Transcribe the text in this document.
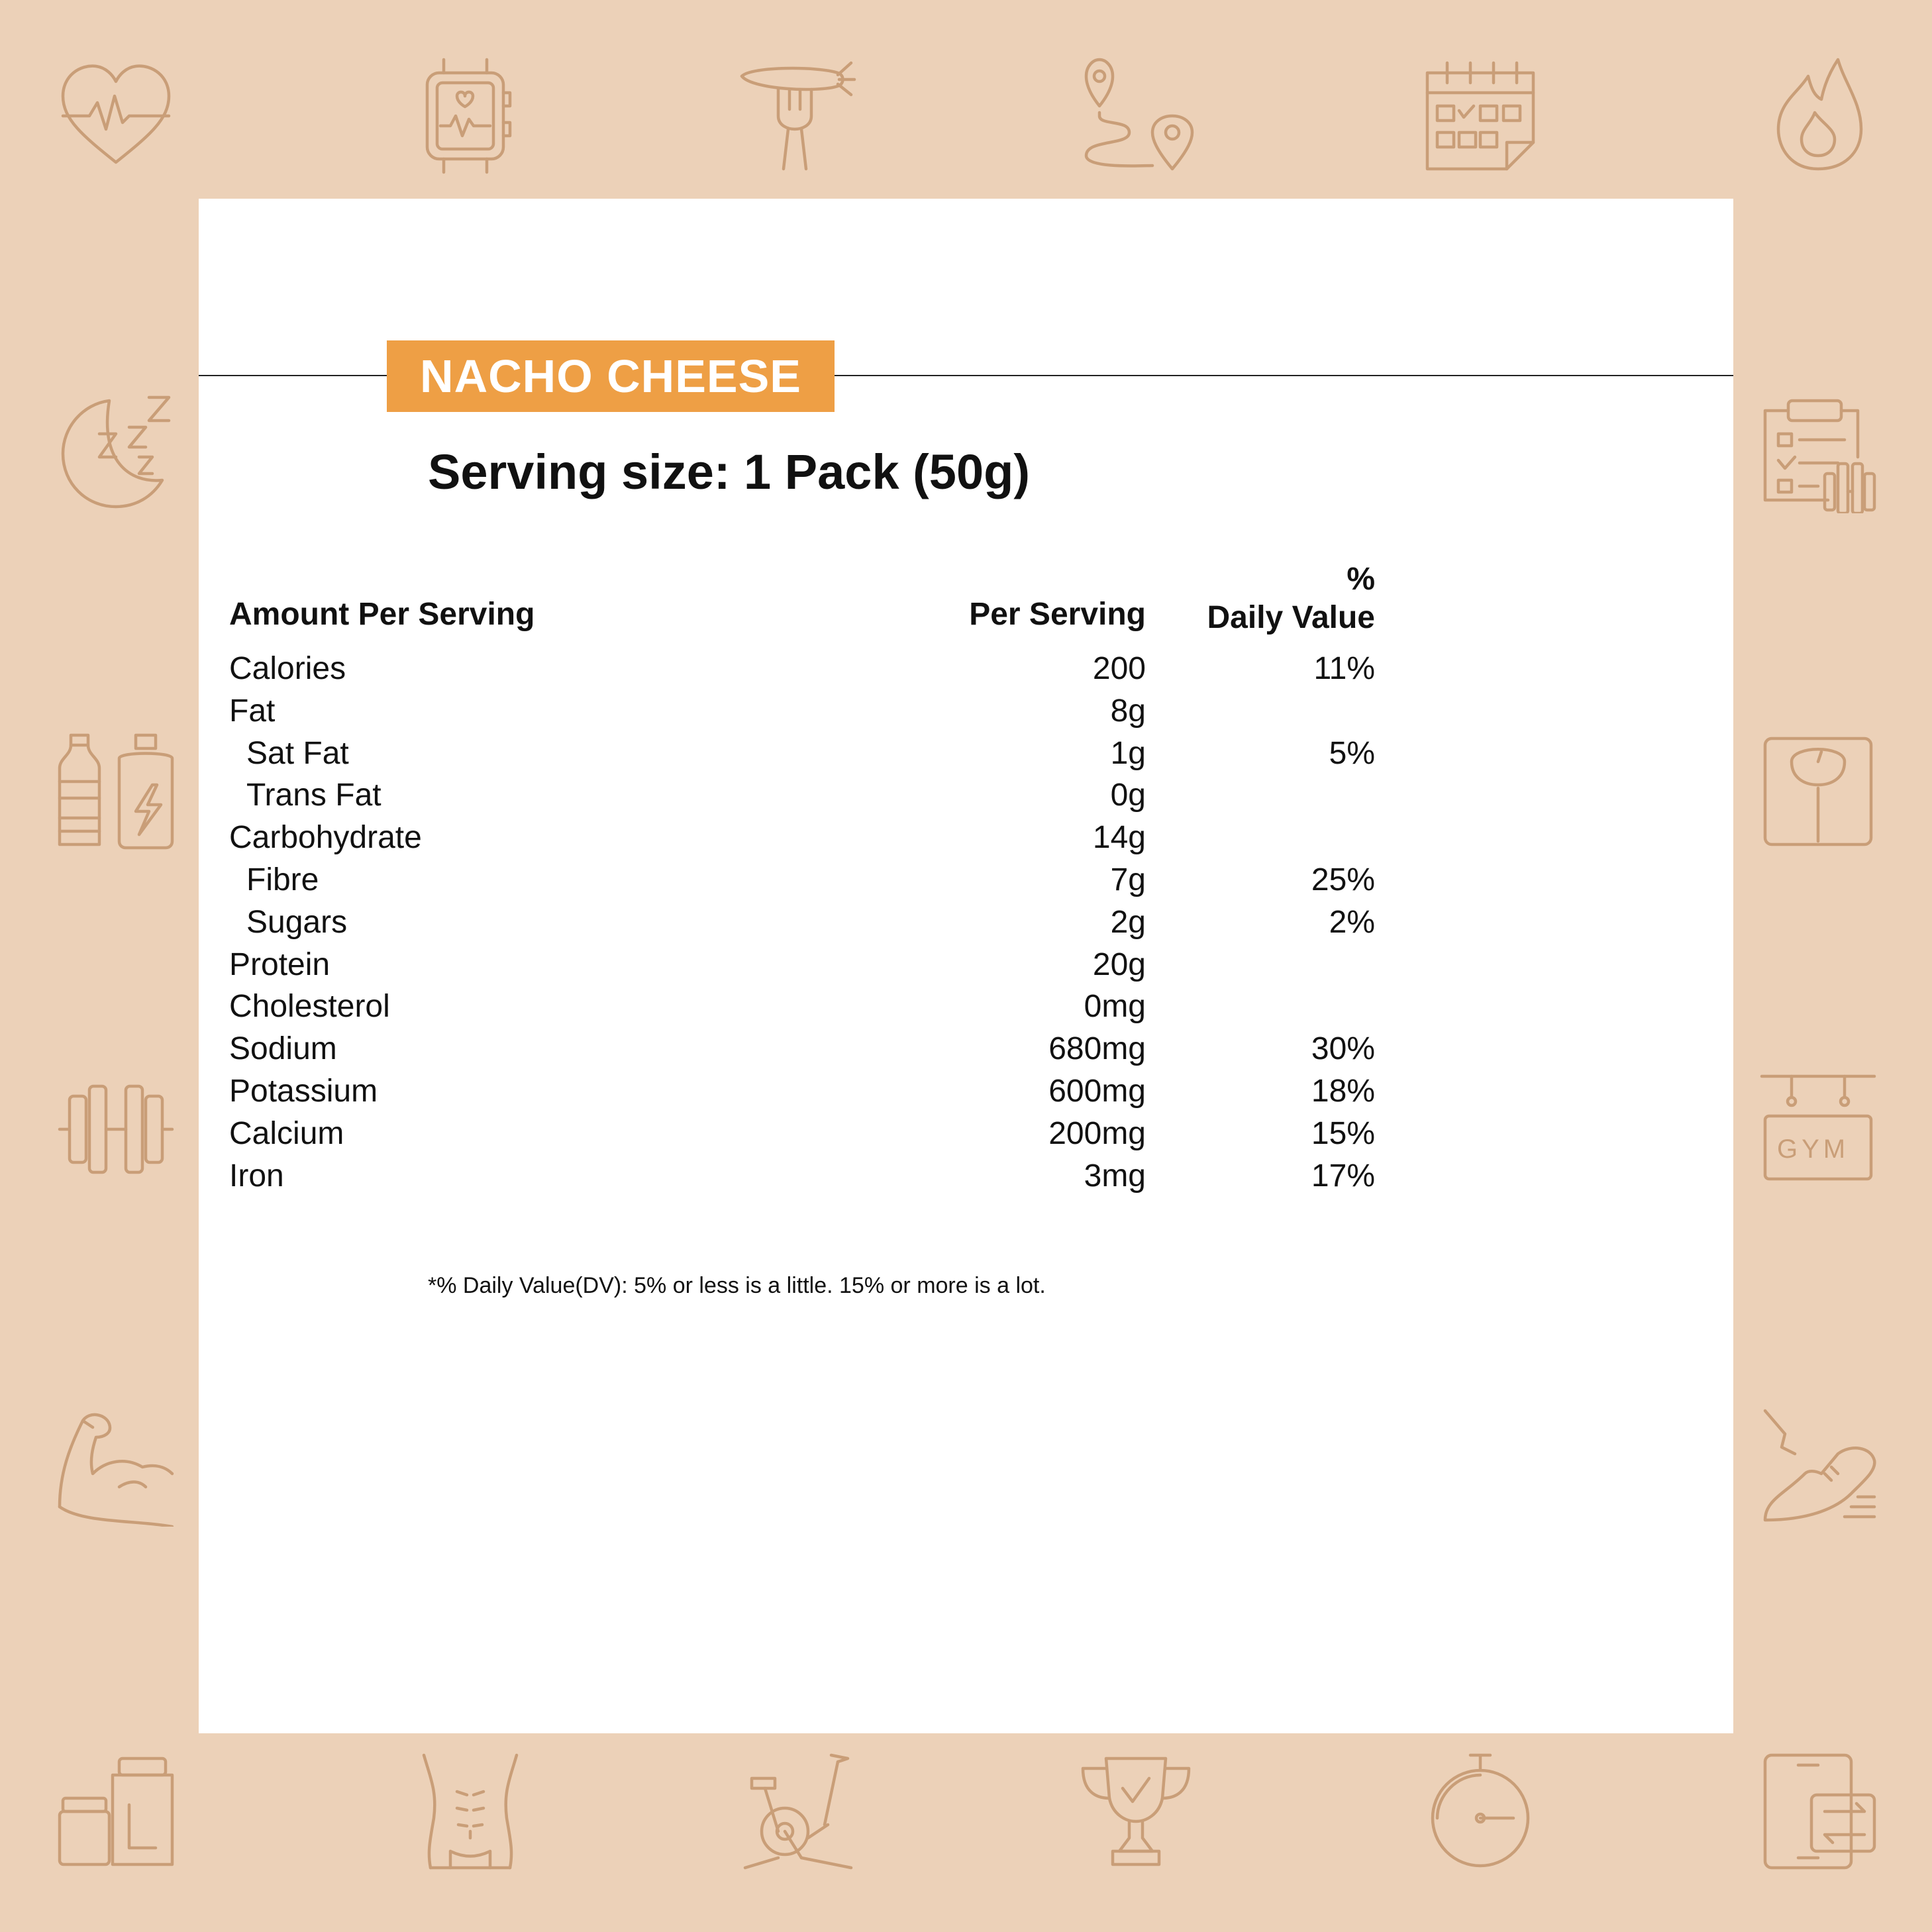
GYM
NACHO CHEESE
Serving size: 1 Pack (50g)
Amount Per Serving	Per Serving
%
Daily Value
Calories	200	11%
Fat	8g
Sat Fat	1g	5%
Trans Fat	0g
Carbohydrate	14g
Fibre	7g	25%
Sugars	2g	2%
Protein	20g
Cholesterol	0mg
Sodium	680mg	30%
Potassium	600mg	18%
Calcium	200mg	15%
Iron	3mg	17%
*% Daily Value(DV): 5% or less is a little. 15% or more is a lot.
